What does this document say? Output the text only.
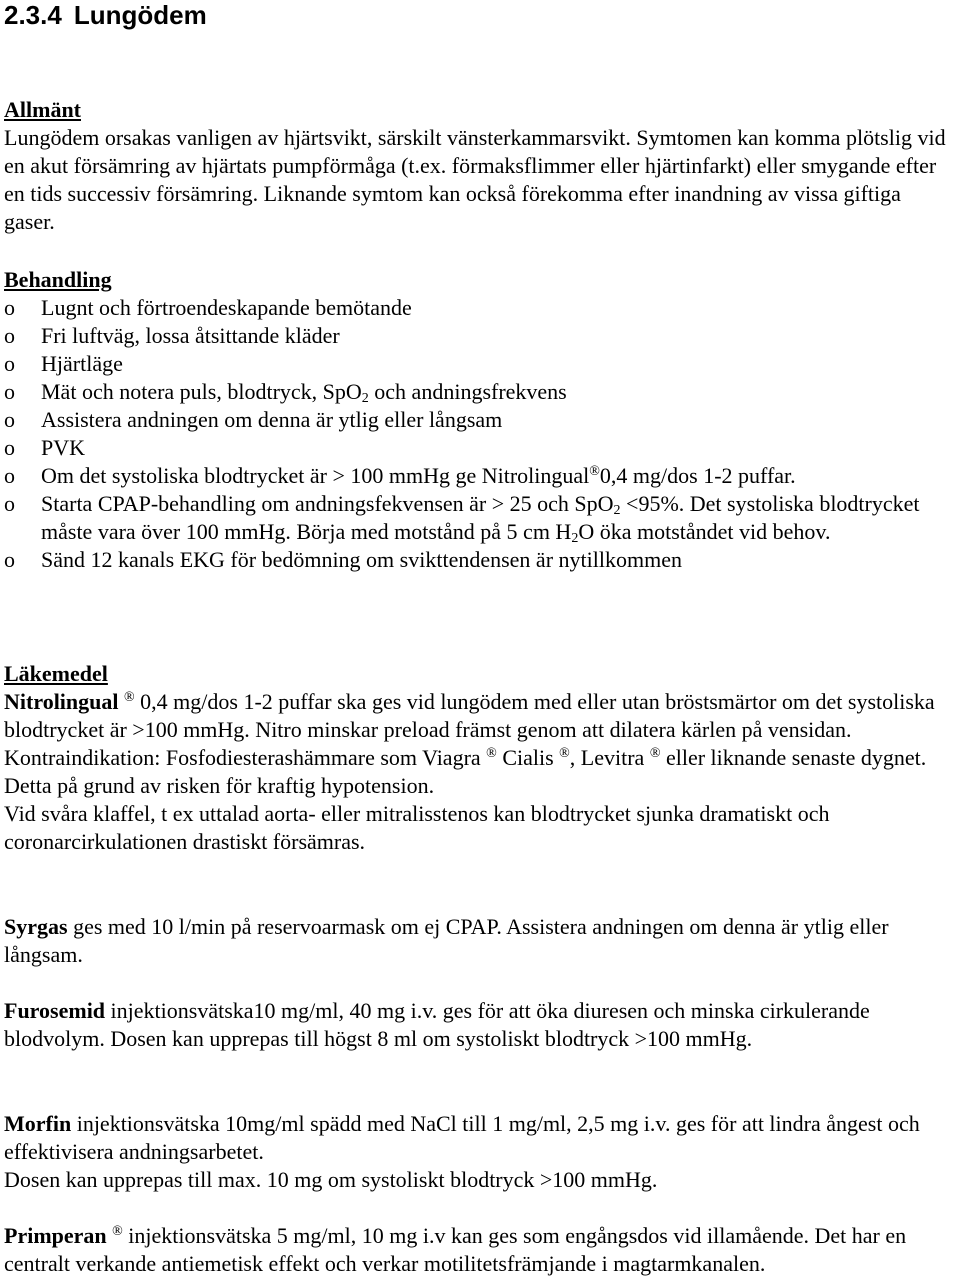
2.3.4 Lungödem

Allmänt

Lungödem orsakas vanligen av hjärtsvikt, särskilt vänsterkammarsvikt. Symtomen kan komma plötslig vid en akut försämring av hjärtats pumpförmåga (t.ex. förmaksflimmer eller hjärtinfarkt) eller smygande efter en tids successiv försämring. Liknande symtom kan också förekomma efter inandning av vissa giftiga gaser.

Behandling

o Lugnt och förtroendeskapande bemötande
o Fri luftväg, lossa åtsittande kläder
o Hjärtläge
o Mät och notera puls, blodtryck, SpO$_2$ och andningsfrekvens
o Assistera andningen om denna är ytlig eller långsam
o PVK
o Om det systoliska blodtrycket är > 100 mmHg ge Nitrolingual®0,4 mg/dos 1-2 puffar.
o Starta CPAP-behandling om andningsfekvensen är > 25 och SpO$_2$ <95%. Det systoliska blodtrycket måste vara över 100 mmHg. Börja med motstånd på 5 cm $H_2O$ öka motståndet vid behov.
o Sänd 12 kanals EKG för bedömning om svikttendensen är nytillkommen

Läkemedel

Nitrolingual ® 0,4 mg/dos 1-2 puffar ska ges vid lungödem med eller utan bröstsmärtor om det systoliska blodtrycket är >100 mmHg. Nitro minskar preload främst genom att dilatera kärlen på vensidan.

Kontraindikation: Fosfodiesterashämmare som Viagra ® Cialis ®, Levitra ® eller liknande senaste dygnet. Detta på grund av risken för kraftig hypotension.

Vid svåra klaffel, t ex uttalad aorta- eller mitralisstenos kan blodtrycket sjunka dramatiskt och coronarcirkulationen drastiskt försämras.

Syrgas ges med 10 l/min på reservoarmask om ej CPAP. Assistera andningen om denna är ytlig eller långsam.

Furosemid injektionsvätska10 mg/ml, 40 mg i.v. ges för att öka diuresen och minska cirkulerande blodvolym. Dosen kan upprepas till högst 8 ml om systoliskt blodtryck >100 mmHg.

Morfin injektionsvätska 10mg/ml spädd med NaCl till 1 mg/ml, 2,5 mg i.v. ges för att lindra ångest och effektivisera andningsarbetet.

Dosen kan upprepas till max. 10 mg om systoliskt blodtryck >100 mmHg.

Primperan ® injektionsvätska 5 mg/ml, 10 mg i.v kan ges som engångsdos vid illamående. Det har en centralt verkande antiemetisk effekt och verkar motilitetsfrämjande i magtarmkanalen.
